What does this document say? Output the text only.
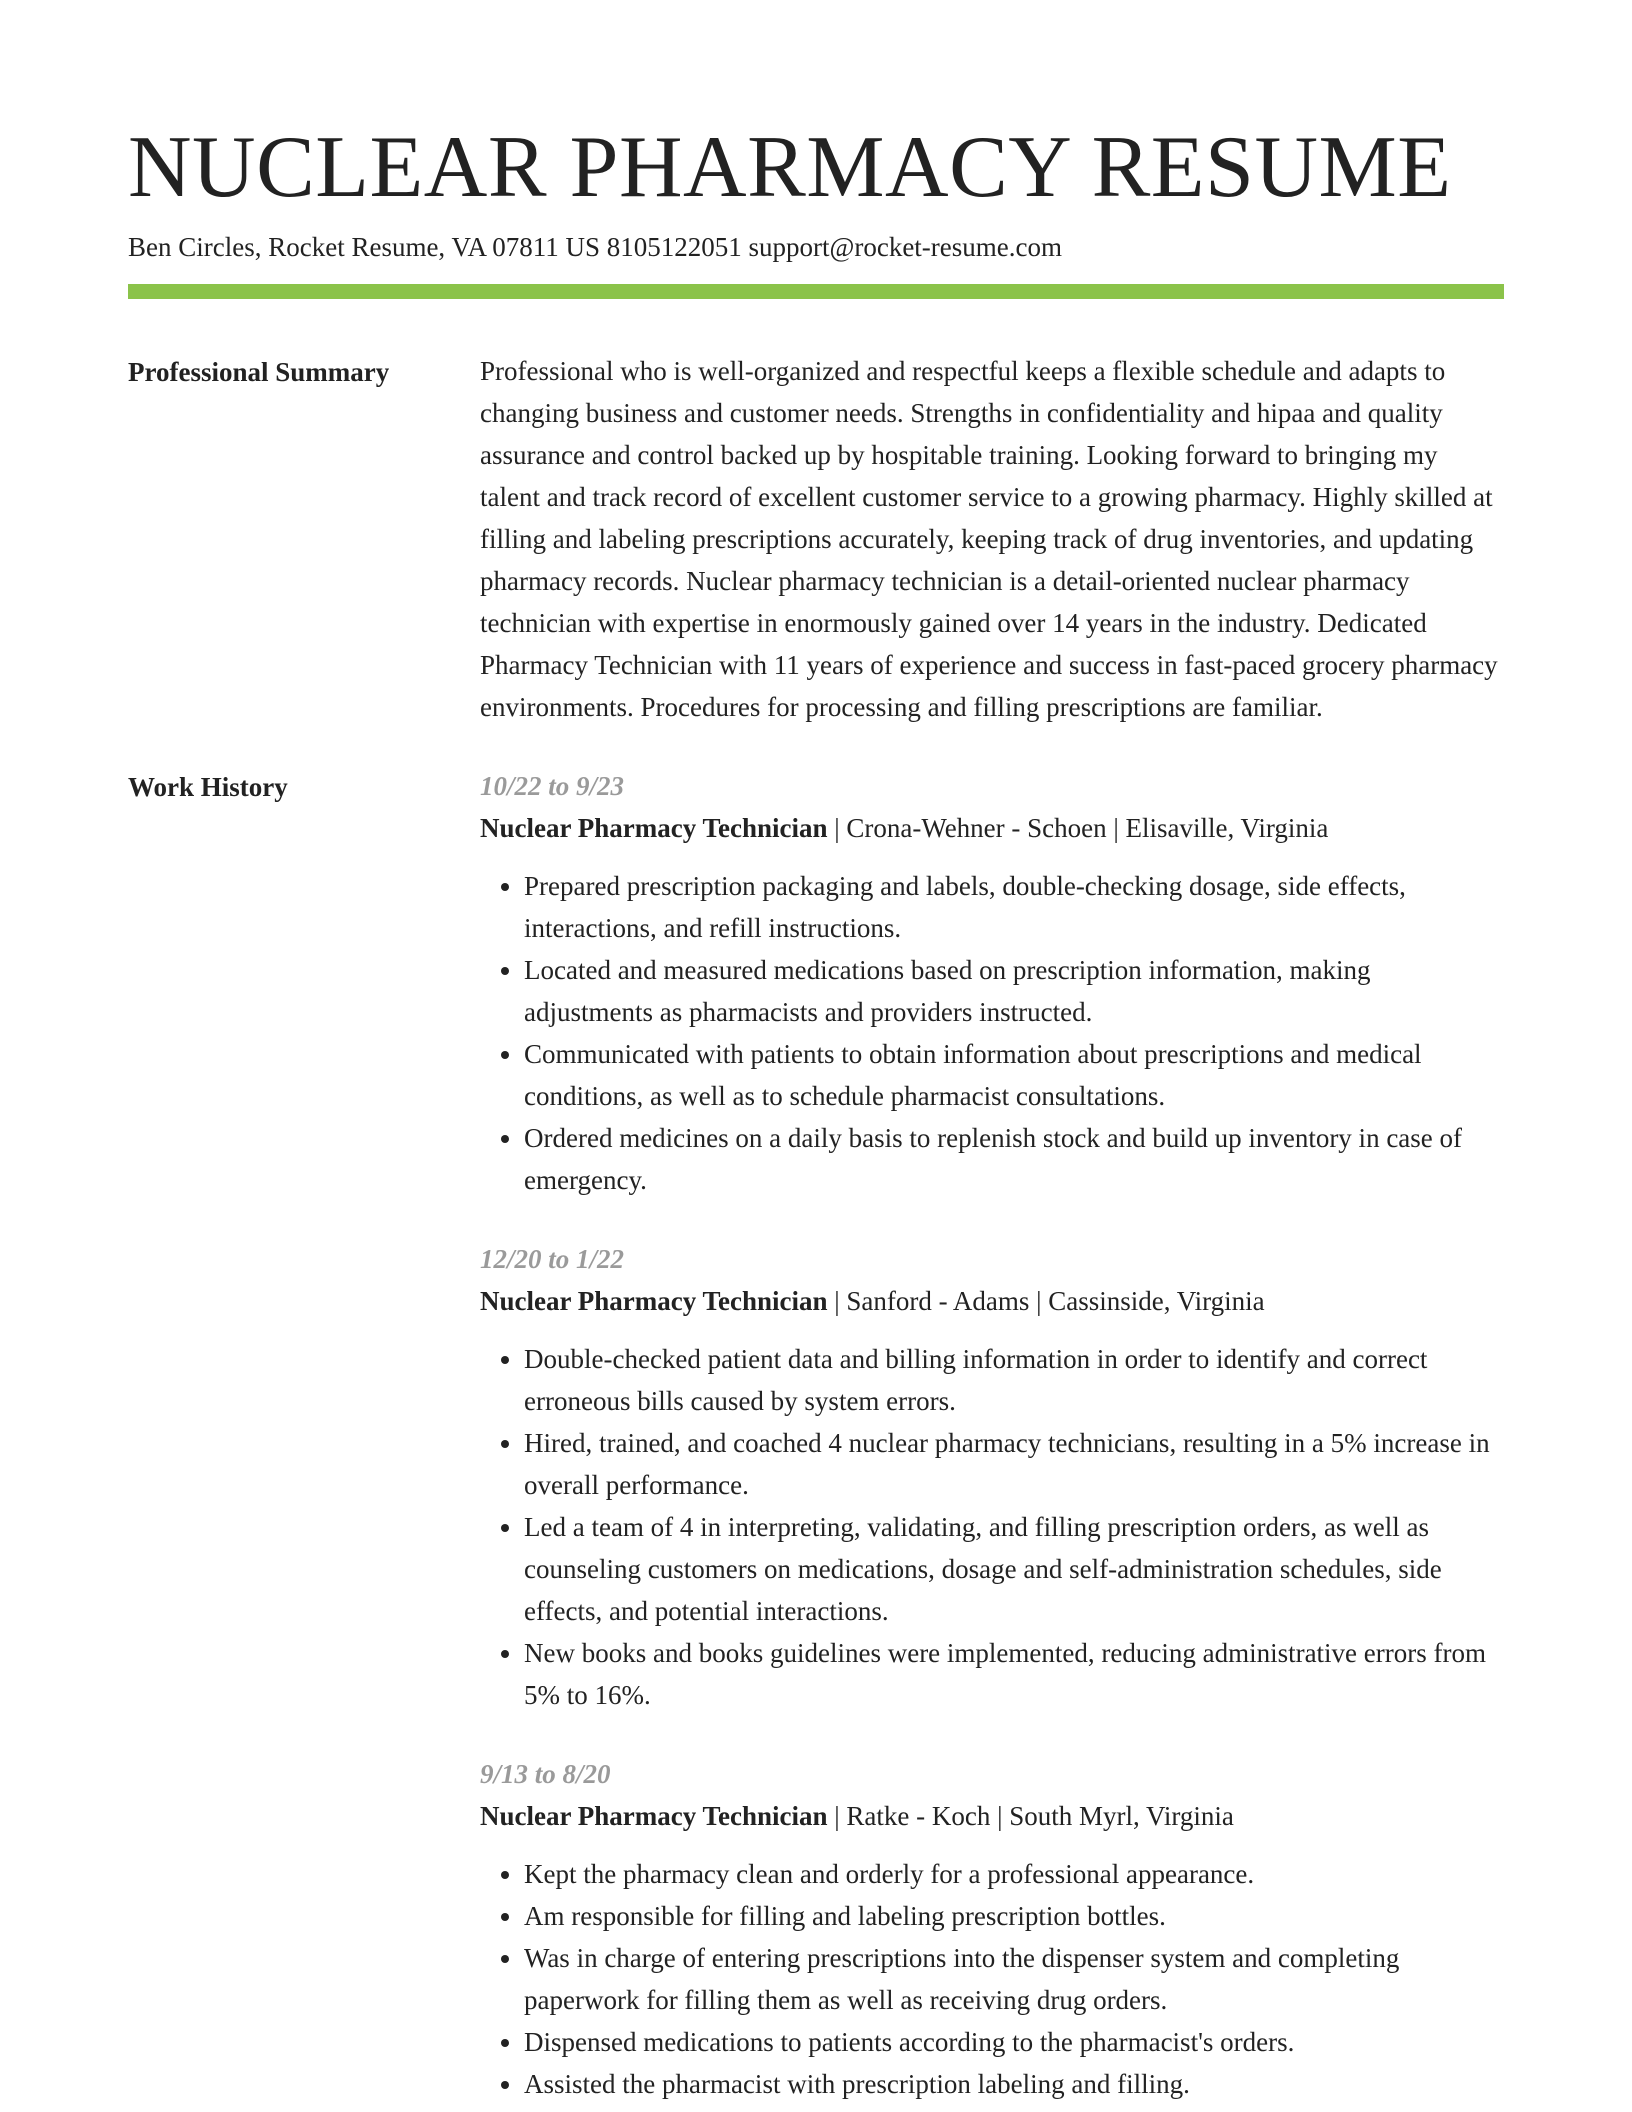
NUCLEAR PHARMACY RESUME
Ben Circles, Rocket Resume, VA 07811 US 8105122051 support@rocket-resume.com
Professional Summary	Professional who is well-organized and respectful keeps a flexible schedule and adapts to changing business and customer needs. Strengths in confidentiality and hipaa and quality assurance and control backed up by hospitable training. Looking forward to bringing my talent and track record of excellent customer service to a growing pharmacy. Highly skilled at filling and labeling prescriptions accurately, keeping track of drug inventories, and updating pharmacy records. Nuclear pharmacy technician is a detail-oriented nuclear pharmacy technician with expertise in enormously gained over 14 years in the industry. Dedicated Pharmacy Technician with 11 years of experience and success in fast-paced grocery pharmacy environments. Procedures for processing and filling prescriptions are familiar.

Work History	10/22 to 9/23
Nuclear Pharmacy Technician | Crona-Wehner - Schoen | Elisaville, Virginia
• Prepared prescription packaging and labels, double-checking dosage, side effects, interactions, and refill instructions.
• Located and measured medications based on prescription information, making adjustments as pharmacists and providers instructed.
• Communicated with patients to obtain information about prescriptions and medical conditions, as well as to schedule pharmacist consultations.
• Ordered medicines on a daily basis to replenish stock and build up inventory in case of emergency.
12/20 to 1/22
Nuclear Pharmacy Technician | Sanford - Adams | Cassinside, Virginia
• Double-checked patient data and billing information in order to identify and correct erroneous bills caused by system errors.
• Hired, trained, and coached 4 nuclear pharmacy technicians, resulting in a 5% increase in overall performance.
• Led a team of 4 in interpreting, validating, and filling prescription orders, as well as counseling customers on medications, dosage and self-administration schedules, side effects, and potential interactions.
• New books and books guidelines were implemented, reducing administrative errors from 5% to 16%.
9/13 to 8/20
Nuclear Pharmacy Technician | Ratke - Koch | South Myrl, Virginia
• Kept the pharmacy clean and orderly for a professional appearance.
• Am responsible for filling and labeling prescription bottles.
• Was in charge of entering prescriptions into the dispenser system and completing paperwork for filling them as well as receiving drug orders.
• Dispensed medications to patients according to the pharmacist's orders.
• Assisted the pharmacist with prescription labeling and filling.
